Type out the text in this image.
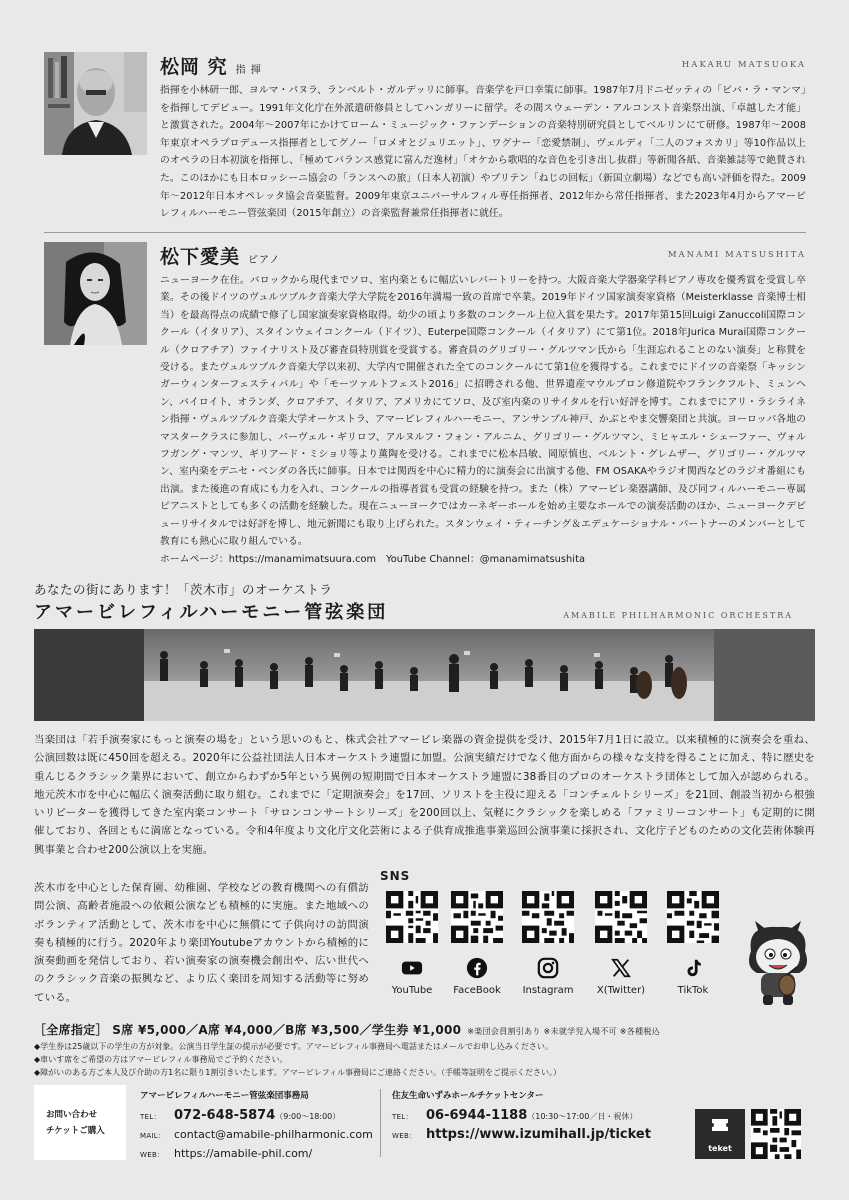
松岡 究 指 揮	HAKARU MATSUOKA
指揮を小林研一郎、ヨルマ・パヌラ、ランベルト・ガルデッリに師事。音楽学を戸口幸策に師事。1987年7月ドニゼッティの「ビバ・ラ・マンマ」を指揮してデビュー。1991年文化庁在外派遣研修員としてハンガリーに留学。その間スウェーデン・アルコンスト音楽祭出演、「卓越した才能」と激賞された。2004年〜2007年にかけてローム・ミュージック・ファンデーションの音楽特別研究員としてベルリンにて研修。1987年〜2008年東京オペラプロデュース指揮者としてグノー「ロメオとジュリエット」、ワグナー「恋愛禁制」、ヴェルディ「二人のフォスカリ」等10作品以上のオペラの日本初演を指揮し、「極めてバランス感覚に富んだ逸材」「オケから歌唱的な音色を引き出し抜群」等新聞各紙、音楽雑誌等で絶賛された。このほかにも日本ロッシーニ協会の「ランスへの旅」（日本人初演）やブリテン「ねじの回転」（新国立劇場）などでも高い評価を得た。2009年〜2012年日本オペレッタ協会音楽監督。2009年東京ユニバーサルフィル専任指揮者、2012年から常任指揮者、また2023年4月からアマービレフィルハーモニー管弦楽団（2015年創立）の音楽監督兼常任指揮者に就任。
松下愛美 ピアノ	MANAMI MATSUSHITA
ニューヨーク在住。バロックから現代までソロ、室内楽ともに幅広いレパートリーを持つ。大阪音楽大学器楽学科ピアノ専攻を優秀賞を受賞し卒業。その後ドイツのヴュルツブルク音楽大学大学院を2016年満場一致の首席で卒業。2019年ドイツ国家演奏家資格（Meisterklasse 音楽博士相当）を最高得点の成績で修了し国家演奏家資格取得。幼少の頃より多数のコンクール上位入賞を果たす。2017年第15回Luigi Zanuccoli国際コンクール（イタリア）、スタインウェイコンクール（ドイツ）、Euterpe国際コンクール（イタリア）にて第1位。2018年Jurica Murai国際コンクール（クロアチア）ファイナリスト及び審査員特別賞を受賞する。審査員のグリゴリー・グルツマン氏から「生涯忘れることのない演奏」と称賛を受ける。またヴュルツブルク音楽大学以来初、大学内で開催された全てのコンクールにて第1位を獲得する。これまでにドイツの音楽祭「キッシンガーウィンターフェスティバル」や「モーツァルトフェスト2016」に招聘される他、世界遺産マウルブロン修道院やフランクフルト、ミュンヘン、バイロイト、オランダ、クロアチア、イタリア、アメリカにてソロ、及び室内楽のリサイタルを行い好評を博す。これまでにアリ・ラシライネン指揮・ヴュルツブルク音楽大学オーケストラ、アマービレフィルハーモニー、アンサンブル神戸、かぶとやま交響楽団と共演。ヨーロッパ各地のマスタークラスに参加し、パーヴェル・ギリロフ、アルヌルフ・フォン・アルニム、グリゴリー・グルツマン、ミヒャエル・シェーファー、ヴォルフガング・マンツ、ギリアード・ミショリ等より薫陶を受ける。これまでに松本昌敏、岡原慎也、ベルント・グレムザー、グリゴリー・グルツマン、室内楽をデニセ・ベンダの各氏に師事。日本では関西を中心に精力的に演奏会に出演する他、FM OSAKAやラジオ関西などのラジオ番組にも出演。また後進の育成にも力を入れ、コンクールの指導者賞も受賞の経験を持つ。また（株）アマービレ楽器講師、及び同フィルハーモニー専属ピアニストとしても多くの活動を経験した。現在ニューヨークではカーネギーホールを始め主要なホールでの演奏活動のほか、ニューヨークデビューリサイタルでは好評を博し、地元新聞にも取り上げられた。スタンウェイ・ティーチング＆エデュケーショナル・パートナーのメンバーとして教育にも熱心に取り組んでいる。
ホームページ：https://manamimatsuura.com　YouTube Channel：@manamimatsushita
あなたの街にあります！「茨木市」のオーケストラ
アマービレフィルハーモニー管弦楽団	AMABILE PHILHARMONIC ORCHESTRA
当楽団は「若手演奏家にもっと演奏の場を」という思いのもと、株式会社アマービレ楽器の資金提供を受け、2015年7月1日に設立。以来積極的に演奏会を重ね、公演回数は既に450回を超える。2020年に公益社団法人日本オーケストラ連盟に加盟。公演実績だけでなく他方面からの様々な支持を得ることに加え、特に歴史を重んじるクラシック業界において、創立からわずか5年という異例の短期間で日本オーケストラ連盟に38番目のプロのオーケストラ団体として加入が認められる。地元茨木市を中心に幅広く演奏活動に取り組む。これまでに「定期演奏会」を17回、ソリストを主役に迎える「コンチェルトシリーズ」を21回、創設当初から根強いリピーターを獲得してきた室内楽コンサート「サロンコンサートシリーズ」を200回以上、気軽にクラシックを楽しめる「ファミリーコンサート」も定期的に開催しており、各回ともに満席となっている。令和4年度より文化庁文化芸術による子供育成推進事業巡回公演事業に採択され、文化庁子どものための文化芸術体験再興事業と合わせ200公演以上を実施。
茨木市を中心とした保育園、幼稚園、学校などの教育機関への有償訪問公演、高齢者施設への依頼公演なども積極的に実施。また地域へのボランティア活動として、茨木市を中心に無償にて子供向けの訪問演奏も積極的に行う。2020年より楽団Youtubeアカウントから積極的に演奏動画を発信しており、若い演奏家の演奏機会創出や、広い世代へのクラシック音楽の振興など、より広く楽団を周知する活動等に努めている。
SNS
YouTube	FaceBook	Instagram	X(Twitter)	TikTok
［全席指定］ S席 ¥5,000／A席 ¥4,000／B席 ¥3,500／学生券 ¥1,000 ※楽団会員割引あり ※未就学児入場不可 ※各種税込
◆学生券は25歳以下の学生の方が対象。公演当日学生証の提示が必要です。アマービレフィル事務局へ電話またはメールでお申し込みください。
◆車いす席をご希望の方はアマービレフィル事務局でご予約ください。
◆障がいのある方ご本人及び介助の方1名に限り1割引きいたします。アマービレフィル事務局にご連絡ください。（手帳等証明をご提示ください。）
お問い合わせ
チケットご購入
アマービレフィルハーモニー管弦楽団事務局
TEL： 072-648-5874（9:00〜18:00）
MAIL： contact@amabile-philharmonic.com
WEB： https://amabile-phil.com/
住友生命いずみホールチケットセンター
TEL： 06-6944-1188（10:30〜17:00／日・祝休）
WEB： https://www.izumihall.jp/ticket
teket
